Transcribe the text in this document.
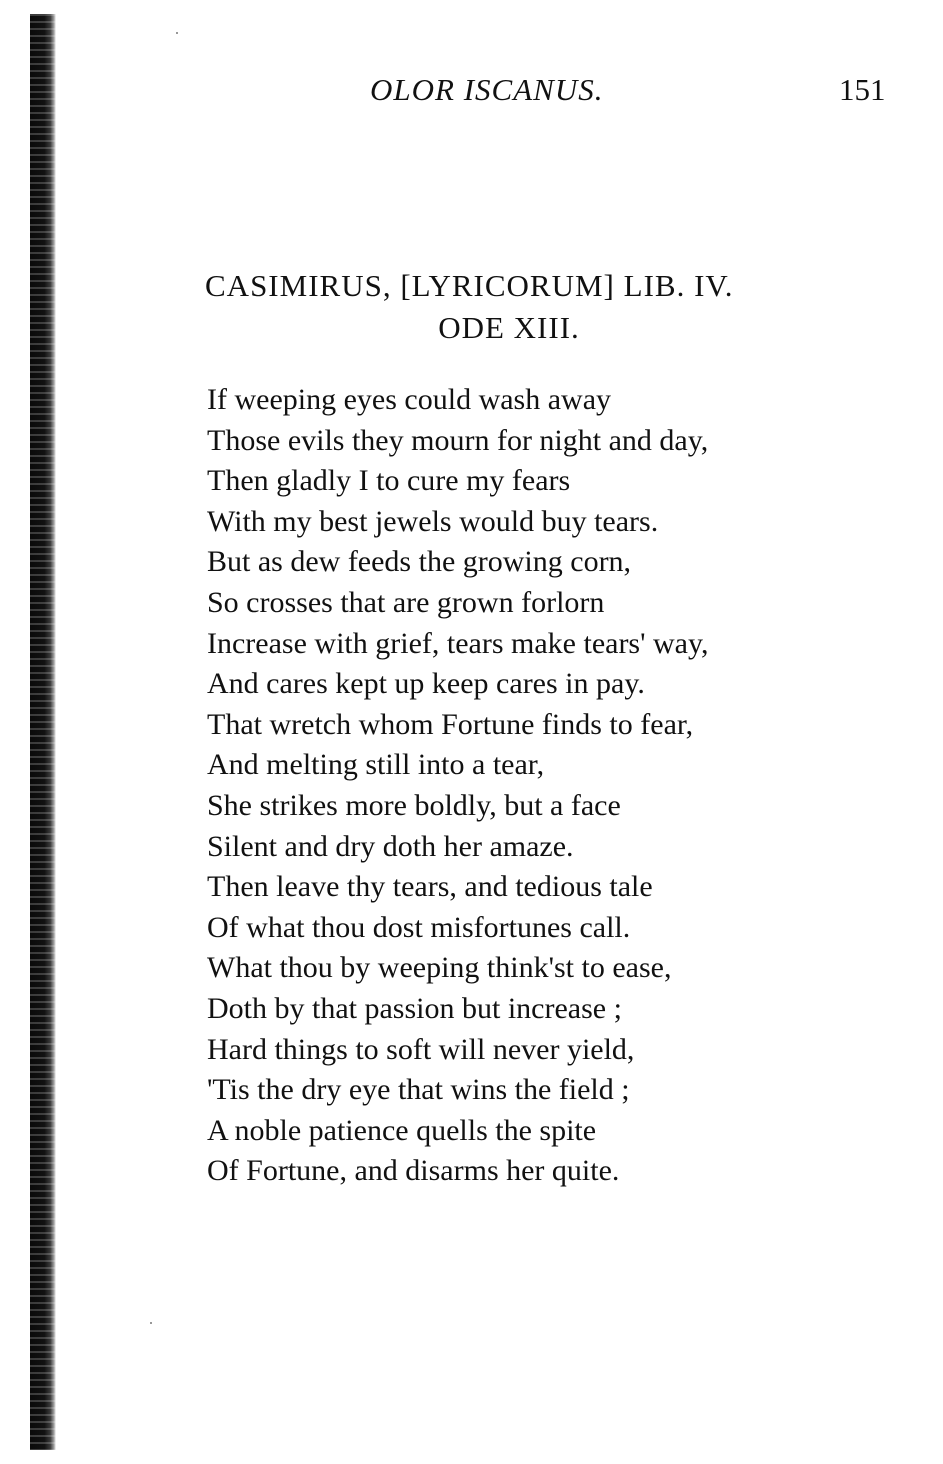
OLOR ISCANUS.	151
CASIMIRUS, [LYRICORUM] LIB. IV.
ODE XIII.
If weeping eyes could wash away
Those evils they mourn for night and day,
Then gladly I to cure my fears
With my best jewels would buy tears.
But as dew feeds the growing corn,
So crosses that are grown forlorn
Increase with grief, tears make tears' way,
And cares kept up keep cares in pay.
That wretch whom Fortune finds to fear,
And melting still into a tear,
She strikes more boldly, but a face
Silent and dry doth her amaze.
Then leave thy tears, and tedious tale
Of what thou dost misfortunes call.
What thou by weeping think'st to ease,
Doth by that passion but increase ;
Hard things to soft will never yield,
'Tis the dry eye that wins the field ;
A noble patience quells the spite
Of Fortune, and disarms her quite.
